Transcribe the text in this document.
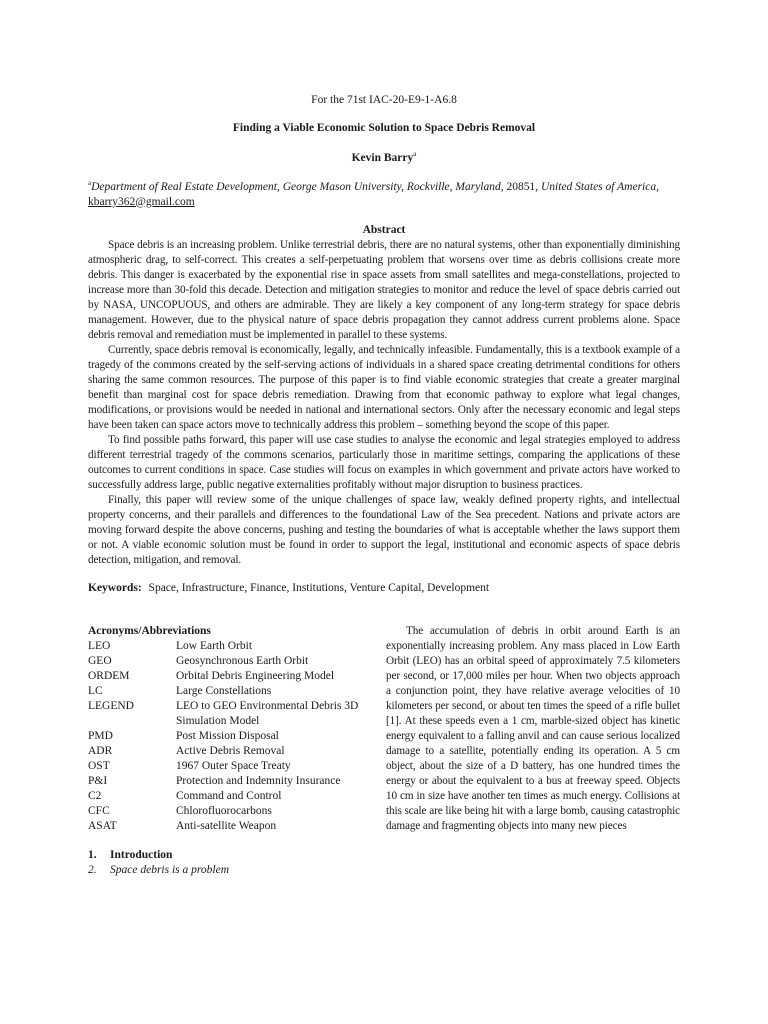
For the 71st IAC-20-E9-1-A6.8
Finding a Viable Economic Solution to Space Debris Removal
Kevin Barry$^a$
$^a$Department of Real Estate Development, George Mason University, Rockville, Maryland, 20851, United States of America, kbarry362@gmail.com
Abstract

Space debris is an increasing problem. Unlike terrestrial debris, there are no natural systems, other than exponentially diminishing atmospheric drag, to self-correct. This creates a self-perpetuating problem that worsens over time as debris collisions create more debris. This danger is exacerbated by the exponential rise in space assets from small satellites and mega-constellations, projected to increase more than 30-fold this decade. Detection and mitigation strategies to monitor and reduce the level of space debris carried out by NASA, UNCOPUOUS, and others are admirable. They are likely a key component of any long-term strategy for space debris management. However, due to the physical nature of space debris propagation they cannot address current problems alone. Space debris removal and remediation must be implemented in parallel to these systems.

Currently, space debris removal is economically, legally, and technically infeasible. Fundamentally, this is a textbook example of a tragedy of the commons created by the self-serving actions of individuals in a shared space creating detrimental conditions for others sharing the same common resources. The purpose of this paper is to find viable economic strategies that create a greater marginal benefit than marginal cost for space debris remediation. Drawing from that economic pathway to explore what legal changes, modifications, or provisions would be needed in national and international sectors. Only after the necessary economic and legal steps have been taken can space actors move to technically address this problem – something beyond the scope of this paper.

To find possible paths forward, this paper will use case studies to analyse the economic and legal strategies employed to address different terrestrial tragedy of the commons scenarios, particularly those in maritime settings, comparing the applications of these outcomes to current conditions in space. Case studies will focus on examples in which government and private actors have worked to successfully address large, public negative externalities profitably without major disruption to business practices.

Finally, this paper will review some of the unique challenges of space law, weakly defined property rights, and intellectual property concerns, and their parallels and differences to the foundational Law of the Sea precedent. Nations and private actors are moving forward despite the above concerns, pushing and testing the boundaries of what is acceptable whether the laws support them or not. A viable economic solution must be found in order to support the legal, institutional and economic aspects of space debris detection, mitigation, and removal.

Keywords: Space, Infrastructure, Finance, Institutions, Venture Capital, Development
Acronyms/Abbreviations
LEO	Low Earth Orbit
GEO	Geosynchronous Earth Orbit
ORDEM	Orbital Debris Engineering Model
LC	Large Constellations
LEGEND	LEO to GEO Environmental Debris 3D Simulation Model
PMD	Post Mission Disposal
ADR	Active Debris Removal
OST	1967 Outer Space Treaty
P&I	Protection and Indemnity Insurance
C2	Command and Control
CFC	Chlorofluorocarbons
ASAT	Anti-satellite Weapon
1. Introduction
2. Space debris is a problem

The accumulation of debris in orbit around Earth is an exponentially increasing problem. Any mass placed in Low Earth Orbit (LEO) has an orbital speed of approximately 7.5 kilometers per second, or 17,000 miles per hour. When two objects approach a conjunction point, they have relative average velocities of 10 kilometers per second, or about ten times the speed of a rifle bullet [1]. At these speeds even a 1 cm, marble-sized object has kinetic energy equivalent to a falling anvil and can cause serious localized damage to a satellite, potentially ending its operation. A 5 cm object, about the size of a D battery, has one hundred times the energy or about the equivalent to a bus at freeway speed. Objects 10 cm in size have another ten times as much energy. Collisions at this scale are like being hit with a large bomb, causing catastrophic damage and fragmenting objects into many new pieces
